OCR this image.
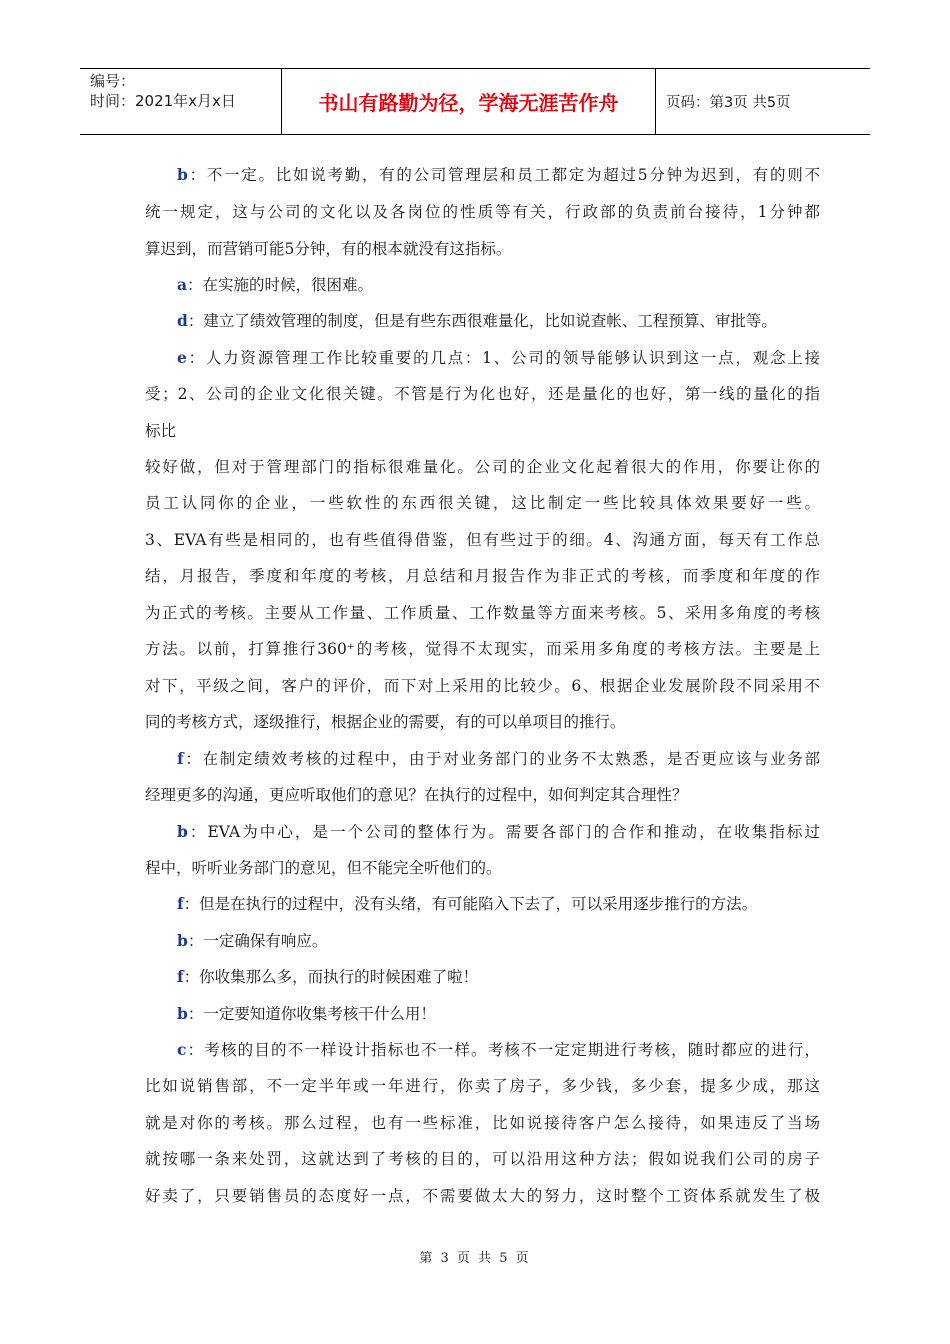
编号：
时间：2021年x月x日	书山有路勤为径，学海无涯苦作舟	页码：第3页 共5页
b：不一定。比如说考勤，有的公司管理层和员工都定为超过5分钟为迟到，有的则不
统一规定，这与公司的文化以及各岗位的性质等有关，行政部的负责前台接待，1分钟都
算迟到，而营销可能5分钟，有的根本就没有这指标。
a：在实施的时候，很困难。
d：建立了绩效管理的制度，但是有些东西很难量化，比如说查帐、工程预算、审批等。
e：人力资源管理工作比较重要的几点：1、公司的领导能够认识到这一点，观念上接
受；2、公司的企业文化很关键。不管是行为化也好，还是量化的也好，第一线的量化的指
标比
较好做，但对于管理部门的指标很难量化。公司的企业文化起着很大的作用，你要让你的
员工认同你的企业，一些软性的东西很关键，这比制定一些比较具体效果要好一些。
3、EVA有些是相同的，也有些值得借鉴，但有些过于的细。4、沟通方面，每天有工作总
结，月报告，季度和年度的考核，月总结和月报告作为非正式的考核，而季度和年度的作
为正式的考核。主要从工作量、工作质量、工作数量等方面来考核。5、采用多角度的考核
方法。以前，打算推行360⁺的考核，觉得不太现实，而采用多角度的考核方法。主要是上
对下，平级之间，客户的评价，而下对上采用的比较少。6、根据企业发展阶段不同采用不
同的考核方式，逐级推行，根据企业的需要，有的可以单项目的推行。
f：在制定绩效考核的过程中，由于对业务部门的业务不太熟悉，是否更应该与业务部
经理更多的沟通，更应听取他们的意见？在执行的过程中，如何判定其合理性？
b：EVA为中心，是一个公司的整体行为。需要各部门的合作和推动，在收集指标过
程中，听听业务部门的意见，但不能完全听他们的。
f：但是在执行的过程中，没有头绪，有可能陷入下去了，可以采用逐步推行的方法。
b：一定确保有响应。
f：你收集那么多，而执行的时候困难了啦！
b：一定要知道你收集考核干什么用！
c：考核的目的不一样设计指标也不一样。考核不一定定期进行考核，随时都应的进行，
比如说销售部，不一定半年或一年进行，你卖了房子，多少钱，多少套，提多少成，那这
就是对你的考核。那么过程，也有一些标准，比如说接待客户怎么接待，如果违反了当场
就按哪一条来处罚，这就达到了考核的目的，可以沿用这种方法；假如说我们公司的房子
好卖了，只要销售员的态度好一点，不需要做太大的努力，这时整个工资体系就发生了极
第 3 页 共 5 页
